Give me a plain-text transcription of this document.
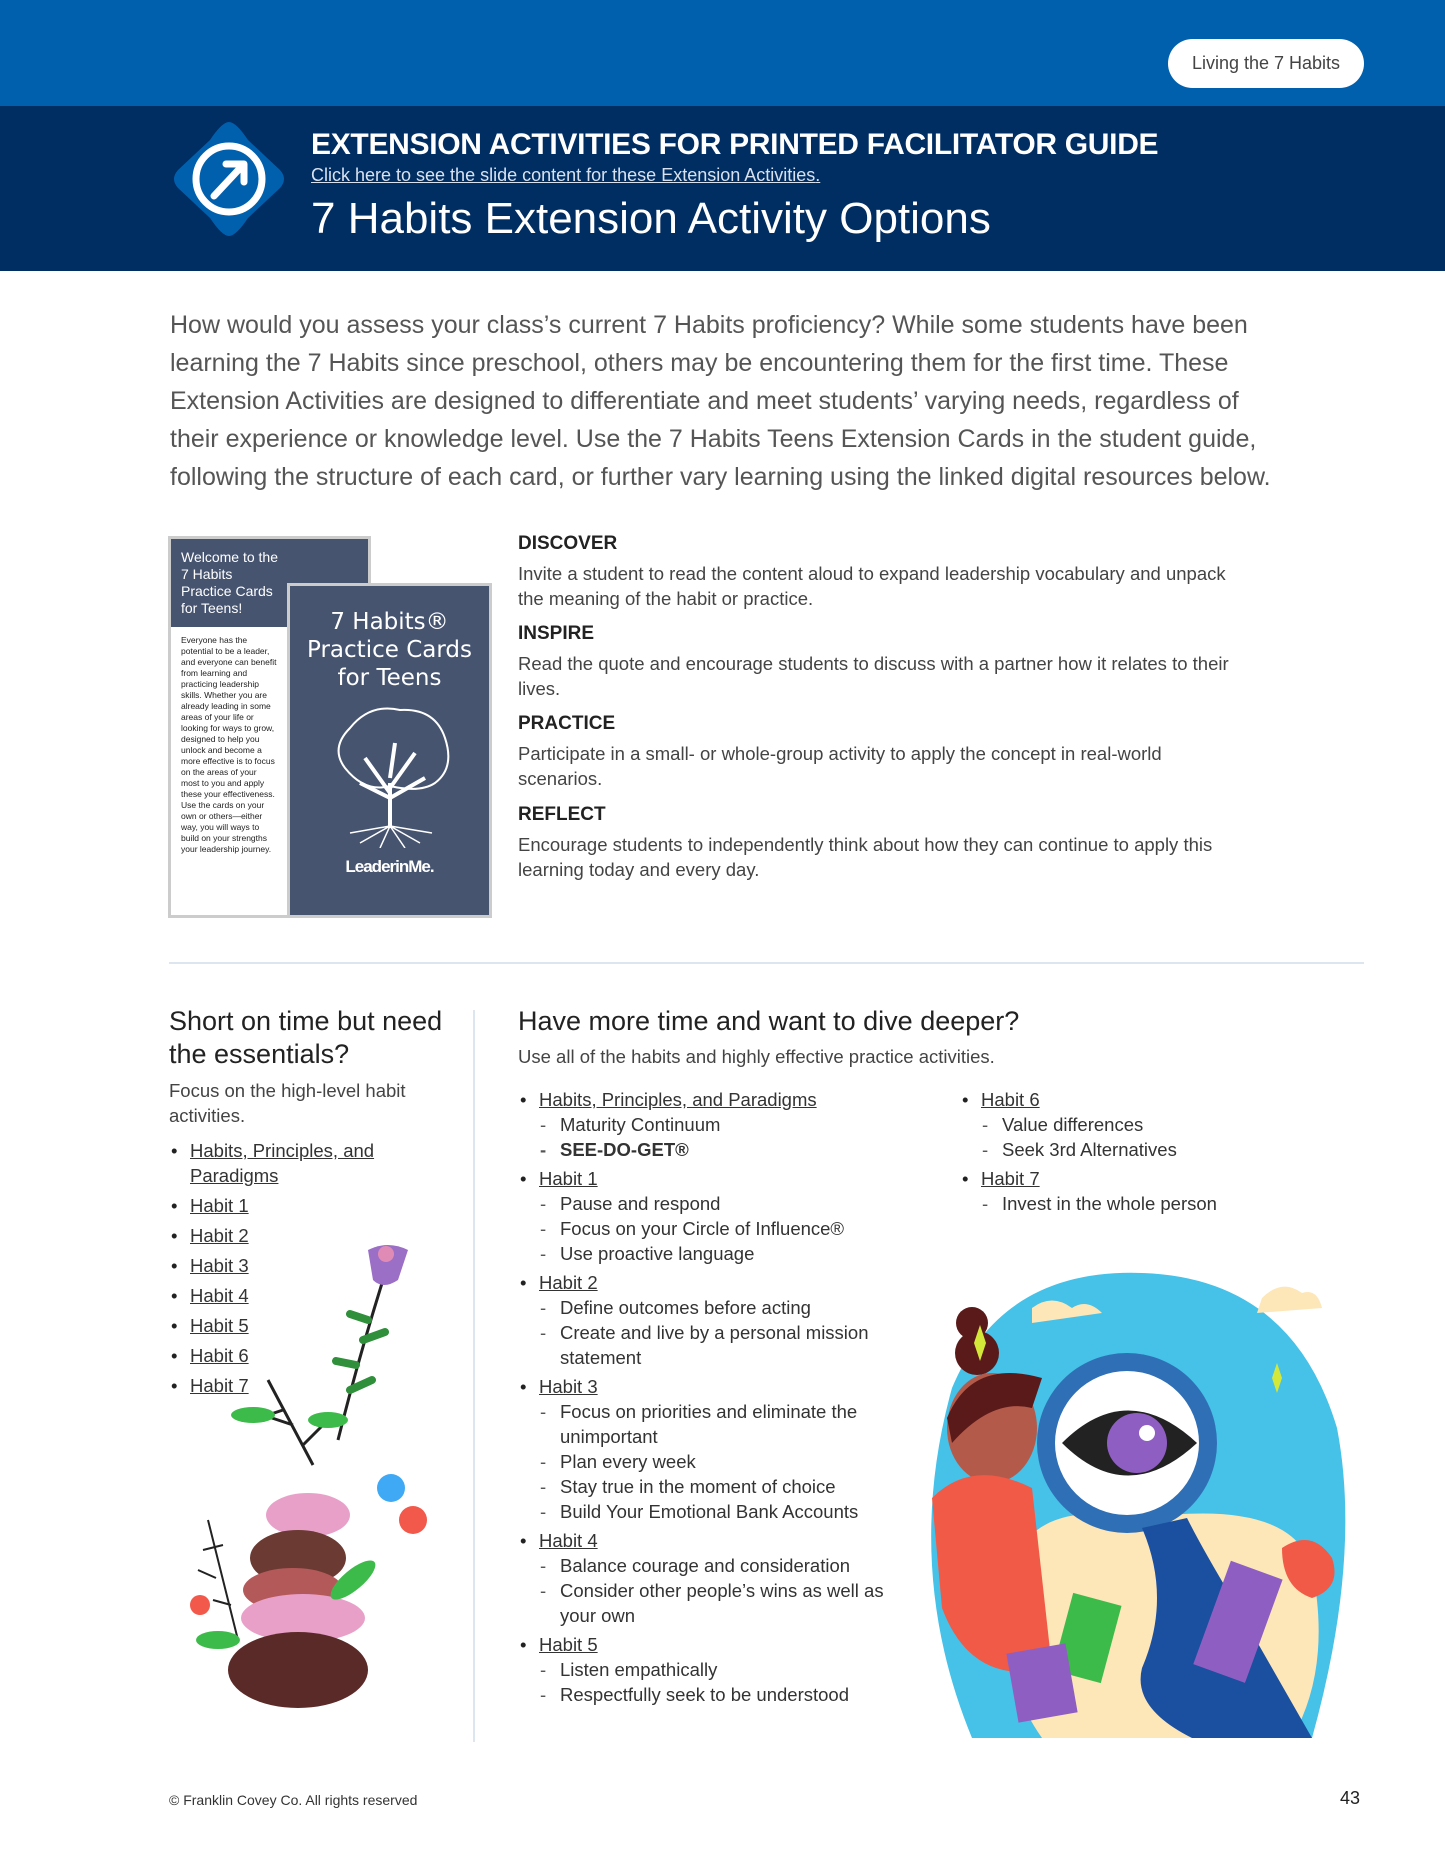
Living the 7 Habits
EXTENSION ACTIVITIES FOR PRINTED FACILITATOR GUIDE
Click here to see the slide content for these Extension Activities.
7 Habits Extension Activity Options

How would you assess your class’s current 7 Habits proficiency? While some students have been learning the 7 Habits since preschool, others may be encountering them for the first time. These Extension Activities are designed to differentiate and meet students’ varying needs, regardless of their experience or knowledge level. Use the 7 Habits Teens Extension Cards in the student guide, following the structure of each card, or further vary learning using the linked digital resources below.

Welcome to the
7 Habits Practice Cards
for Teens!
Everyone has the potential to be a leader, and everyone can benefit from learning and practicing leadership skills. Whether you are already leading in some areas of your life or looking for ways to grow, designed to help you unlock and become a more effective is to focus on the areas of your most to you and apply these your effectiveness. Use the cards on your own or others—either way, you will ways to build on your strengths your leadership journey.
7 Habits®
Practice Cards
for Teens
LeaderinMe.
DISCOVER

Invite a student to read the content aloud to expand leadership vocabulary and unpack the meaning of the habit or practice.

INSPIRE

Read the quote and encourage students to discuss with a partner how it relates to their lives.

PRACTICE

Participate in a small- or whole-group activity to apply the concept in real-world scenarios.

REFLECT

Encourage students to independently think about how they can continue to apply this learning today and every day.

Short on time but need the essentials?

Focus on the high-level habit activities.

• Habits, Principles, and Paradigms
• Habit 1
• Habit 2
• Habit 3
• Habit 4
• Habit 5
• Habit 6
• Habit 7
Have more time and want to dive deeper?

Use all of the habits and highly effective practice activities.

• Habits, Principles, and Paradigms
- Maturity Continuum
- SEE-DO-GET®
• Habit 1
- Pause and respond
- Focus on your Circle of Influence®
- Use proactive language
• Habit 2
- Define outcomes before acting
- Create and live by a personal mission statement
• Habit 3
- Focus on priorities and eliminate the unimportant
- Plan every week
- Stay true in the moment of choice
- Build Your Emotional Bank Accounts
• Habit 4
- Balance courage and consideration
- Consider other people’s wins as well as your own
• Habit 5
- Listen empathically
- Respectfully seek to be understood
• Habit 6
- Value differences
- Seek 3rd Alternatives
• Habit 7
- Invest in the whole person
© Franklin Covey Co. All rights reserved	43
